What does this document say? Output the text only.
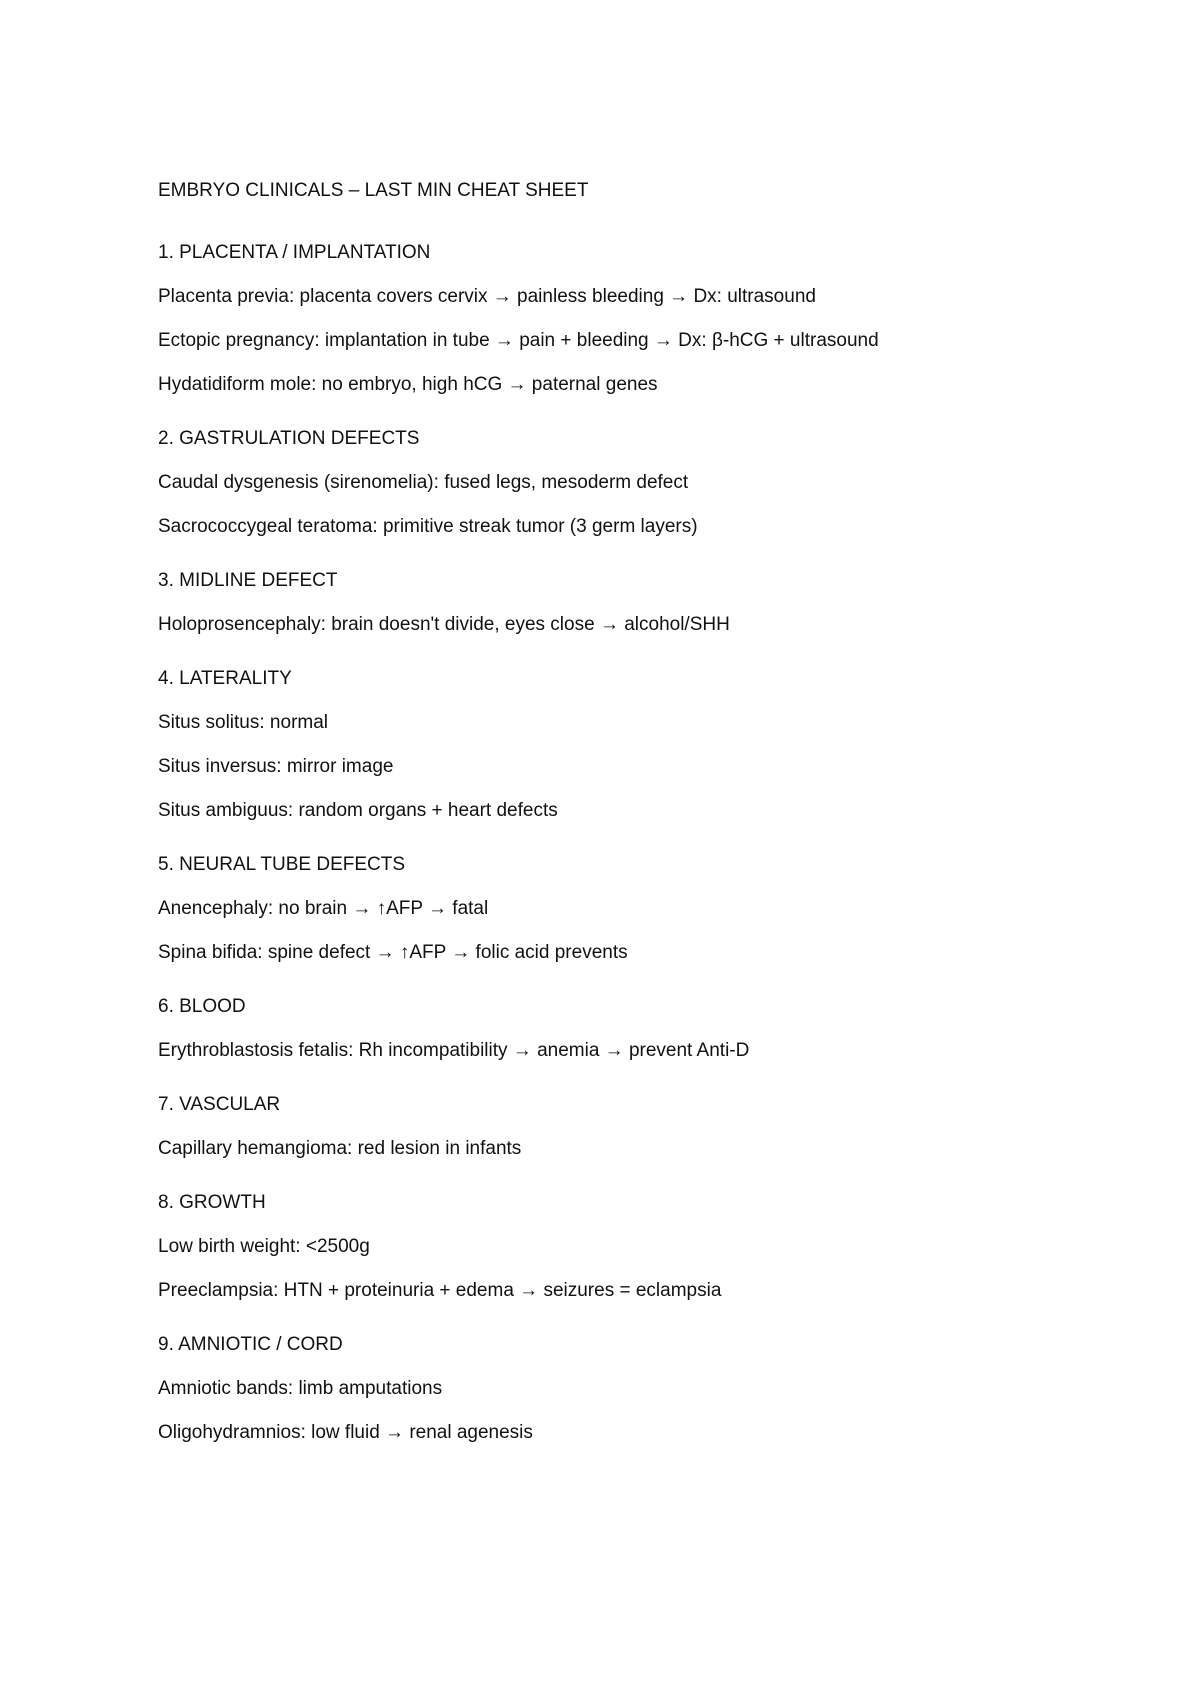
EMBRYO CLINICALS – LAST MIN CHEAT SHEET
1. PLACENTA / IMPLANTATION
Placenta previa: placenta covers cervix → painless bleeding → Dx: ultrasound
Ectopic pregnancy: implantation in tube → pain + bleeding → Dx: β-hCG + ultrasound
Hydatidiform mole: no embryo, high hCG → paternal genes
2. GASTRULATION DEFECTS
Caudal dysgenesis (sirenomelia): fused legs, mesoderm defect
Sacrococcygeal teratoma: primitive streak tumor (3 germ layers)
3. MIDLINE DEFECT
Holoprosencephaly: brain doesn't divide, eyes close → alcohol/SHH
4. LATERALITY
Situs solitus: normal
Situs inversus: mirror image
Situs ambiguus: random organs + heart defects
5. NEURAL TUBE DEFECTS
Anencephaly: no brain → ↑AFP → fatal
Spina bifida: spine defect → ↑AFP → folic acid prevents
6. BLOOD
Erythroblastosis fetalis: Rh incompatibility → anemia → prevent Anti-D
7. VASCULAR
Capillary hemangioma: red lesion in infants
8. GROWTH
Low birth weight: <2500g
Preeclampsia: HTN + proteinuria + edema → seizures = eclampsia
9. AMNIOTIC / CORD
Amniotic bands: limb amputations
Oligohydramnios: low fluid → renal agenesis
